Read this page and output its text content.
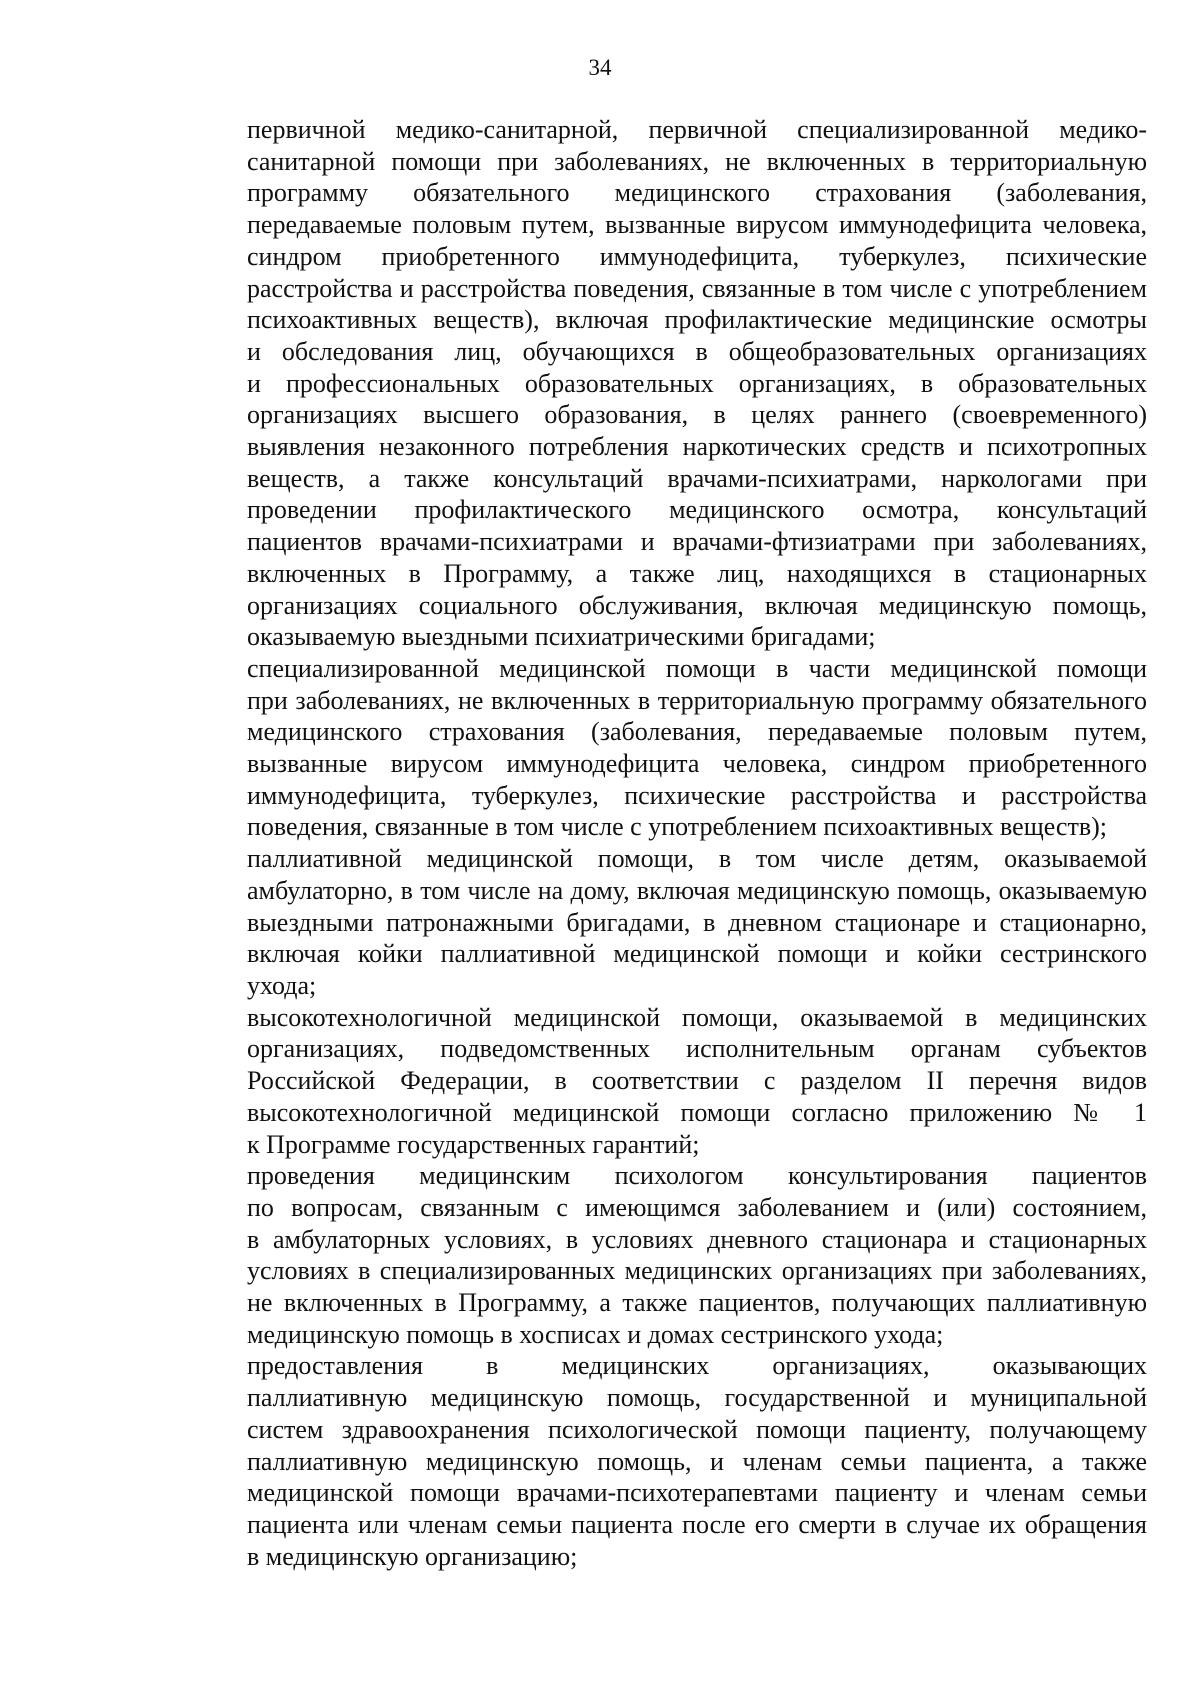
34

первичной медико-санитарной, первичной специализированной медико-
санитарной помощи при заболеваниях, не включенных в территориальную
программу обязательного медицинского страхования (заболевания,
передаваемые половым путем, вызванные вирусом иммунодефицита человека,
синдром приобретенного иммунодефицита, туберкулез, психические
расстройства и расстройства поведения, связанные в том числе с употреблением
психоактивных веществ), включая профилактические медицинские осмотры
и обследования лиц, обучающихся в общеобразовательных организациях
и профессиональных образовательных организациях, в образовательных
организациях высшего образования, в целях раннего (своевременного)
выявления незаконного потребления наркотических средств и психотропных
веществ, а также консультаций врачами-психиатрами, наркологами при
проведении профилактического медицинского осмотра, консультаций
пациентов врачами-психиатрами и врачами-фтизиатрами при заболеваниях,
включенных в Программу, а также лиц, находящихся в стационарных
организациях социального обслуживания, включая медицинскую помощь,
оказываемую выездными психиатрическими бригадами;

специализированной медицинской помощи в части медицинской помощи
при заболеваниях, не включенных в территориальную программу обязательного
медицинского страхования (заболевания, передаваемые половым путем,
вызванные вирусом иммунодефицита человека, синдром приобретенного
иммунодефицита, туберкулез, психические расстройства и расстройства
поведения, связанные в том числе с употреблением психоактивных веществ);

паллиативной медицинской помощи, в том числе детям, оказываемой
амбулаторно, в том числе на дому, включая медицинскую помощь, оказываемую
выездными патронажными бригадами, в дневном стационаре и стационарно,
включая койки паллиативной медицинской помощи и койки сестринского
ухода;

высокотехнологичной медицинской помощи, оказываемой в медицинских
организациях, подведомственных исполнительным органам субъектов
Российской Федерации, в соответствии с разделом II перечня видов
высокотехнологичной медицинской помощи согласно приложению № 1
к Программе государственных гарантий;

проведения медицинским психологом консультирования пациентов
по вопросам, связанным с имеющимся заболеванием и (или) состоянием,
в амбулаторных условиях, в условиях дневного стационара и стационарных
условиях в специализированных медицинских организациях при заболеваниях,
не включенных в Программу, а также пациентов, получающих паллиативную
медицинскую помощь в хосписах и домах сестринского ухода;

предоставления в медицинских организациях, оказывающих
паллиативную медицинскую помощь, государственной и муниципальной
систем здравоохранения психологической помощи пациенту, получающему
паллиативную медицинскую помощь, и членам семьи пациента, а также
медицинской помощи врачами-психотерапевтами пациенту и членам семьи
пациента или членам семьи пациента после его смерти в случае их обращения
в медицинскую организацию;
